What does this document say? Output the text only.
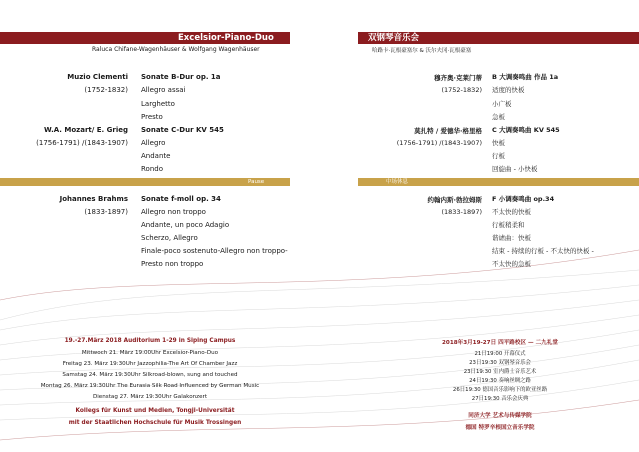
Excelsior-Piano-Duo
Raluca Chifane-Wagenhäuser & Wolfgang Wagenhäuser
Muzio Clementi
(1752-1832)
W.A. Mozart/ E. Grieg
(1756-1791) /(1843-1907)
Johannes Brahms
(1833-1897)
Sonate B-Dur op. 1a
Allegro assai
Larghetto
Presto
Sonate C-Dur KV 545
Allegro
Andante
Rondo
Pause
Sonate f-moll op. 34
Allegro non troppo
Andante, un poco Adagio
Scherzo, Allegro
Finale-poco sostenuto-Allegro non troppo-
Presto non troppo
19.-27.März 2018 Auditorium 1-29 in Siping Campus
Mittwoch 21. März 19:00Uhr Excelsior-Piano-Duo
Freitag 23. März 19:30Uhr Jazzophilia-The Art Of Chamber Jazz
Samstag 24. März 19:30Uhr Silkroad-blown, sung and touched
Montag 26. März 19:30Uhr The Eurasia Silk Road Influenced by German Music
Dienstag 27. März 19:30Uhr Galakonzert
Kollegs für Kunst und Medien, Tongji-Universität
mit der Staatlichen Hochschule für Musik Trossingen
双钢琴音乐会
哈路卡·瓦根豪塞尔 & 沃尔夫冈·瓦根豪塞
穆齐奥·克莱门蒂
(1752-1832)
莫扎特 / 爱德华·格里格
(1756-1791) /(1843-1907)
约翰内斯·勃拉姆斯
(1833-1897)
B 大调奏鸣曲 作品 1a
适度的快板
小广板
急板
C 大调奏鸣曲 KV 545
快板
行板
回旋曲 - 小快板
中场休息
F 小调奏鸣曲 op.34
不太快的快板
行板稍柔和
谐谑曲：快板
结束 - 持续的行板 - 不太快的快板 -
不太快的急板
2018年3月19-27日 四平路校区 — 二九礼堂
21日19:00 开幕仪式
23日19:30 双钢琴音乐会
23日19:30 室内爵士音乐艺术
24日19:30 奏响丝绸之路
26日19:30 德国音乐影响下的欧亚丝路
27日19:30 音乐会庆典
同济大学 艺术与传媒学院
德国 特罗辛根国立音乐学院
